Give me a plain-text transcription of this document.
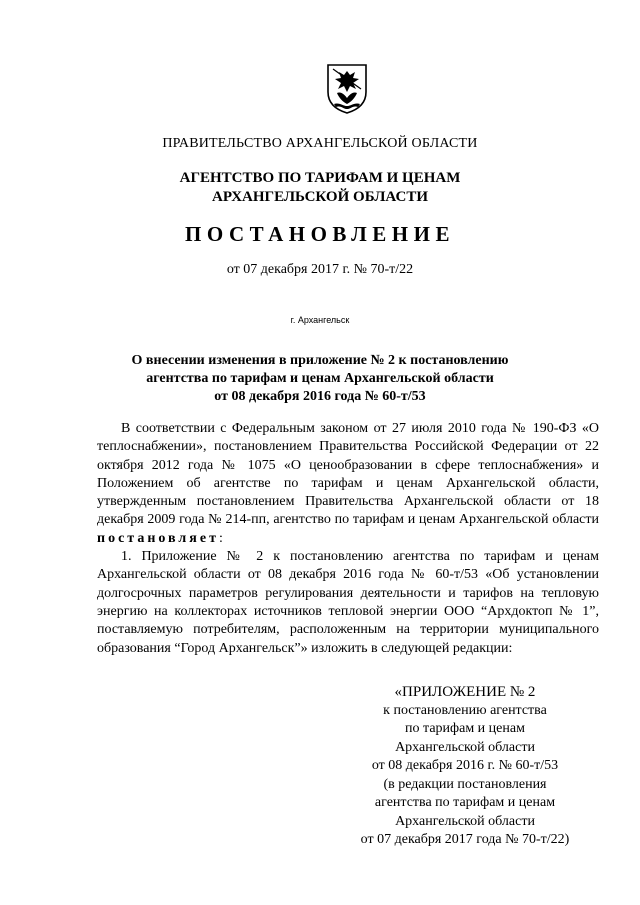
ПРАВИТЕЛЬСТВО АРХАНГЕЛЬСКОЙ ОБЛАСТИ
АГЕНТСТВО ПО ТАРИФАМ И ЦЕНАМ
АРХАНГЕЛЬСКОЙ ОБЛАСТИ
ПОСТАНОВЛЕНИЕ
от 07 декабря 2017 г. № 70-т/22
г. Архангельск
О внесении изменения в приложение № 2 к постановлению
агентства по тарифам и ценам Архангельской области
от 08 декабря 2016 года № 60-т/53

В соответствии с Федеральным законом от 27 июля 2010 года № 190-ФЗ «О теплоснабжении», постановлением Правительства Российской Федерации от 22 октября 2012 года № 1075 «О ценообразовании в сфере теплоснабжения» и Положением об агентстве по тарифам и ценам Архангельской области, утвержденным постановлением Правительства Архангельской области от 18 декабря 2009 года № 214-пп, агентство по тарифам и ценам Архангельской области постановляет:

1. Приложение № 2 к постановлению агентства по тарифам и ценам Архангельской области от 08 декабря 2016 года № 60-т/53 «Об установлении долгосрочных параметров регулирования деятельности и тарифов на тепловую энергию на коллекторах источников тепловой энергии ООО “Архдоктоп № 1”, поставляемую потребителям, расположенным на территории муниципального образования “Город Архангельск”» изложить в следующей редакции:

«ПРИЛОЖЕНИЕ № 2
к постановлению агентства
по тарифам и ценам
Архангельской области
от 08 декабря 2016 г. № 60-т/53
(в редакции постановления
агентства по тарифам и ценам
Архангельской области
от 07 декабря 2017 года № 70-т/22)
